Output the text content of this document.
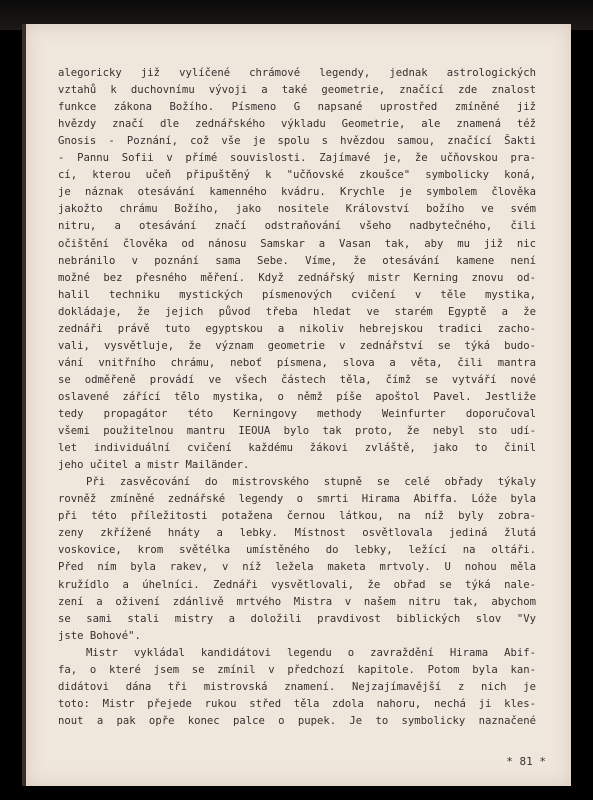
alegoricky již vylíčené chrámové legendy, jednak astrologických
vztahů k duchovnímu vývoji a také geometrie, značící zde znalost
funkce zákona Božího. Písmeno G napsané uprostřed zmíněné již
hvězdy značí dle zednářského výkladu Geometrie, ale znamená též
Gnosis - Poznání, což vše je spolu s hvězdou samou, značící Šakti
- Pannu Sofii v přímé souvislosti. Zajímavé je, že učňovskou pra-
cí, kterou učeň připuštěný k "učňovské zkoušce" symbolicky koná,
je náznak otesávání kamenného kvádru. Krychle je symbolem člověka
jakožto chrámu Božího, jako nositele Království božího ve svém
nitru, a otesávání značí odstraňování všeho nadbytečného, čili
očištění člověka od nánosu Samskar a Vasan tak, aby mu již nic
nebránilo v poznání sama Sebe. Víme, že otesávání kamene není
možné bez přesného měření. Když zednářský mistr Kerning znovu od-
halil techniku mystických písmenových cvičení v těle mystika,
dokládaje, že jejich původ třeba hledat ve starém Egyptě a že
zednáři právě tuto egyptskou a nikoliv hebrejskou tradici zacho-
vali, vysvětluje, že význam geometrie v zednářství se týká budo-
vání vnitřního chrámu, neboť písmena, slova a věta, čili mantra
se odměřeně provádí ve všech částech těla, čímž se vytváří nové
oslavené zářící tělo mystika, o němž píše apoštol Pavel. Jestliže
tedy propagátor této Kerningovy methody Weinfurter doporučoval
všemi použitelnou mantru IEOUA bylo tak proto, že nebyl sto udí-
let individuální cvičení každému žákovi zvláště, jako to činil
jeho učitel a mistr Mailänder.
Při zasvěcování do mistrovského stupně se celé obřady týkaly
rovněž zmíněné zednářské legendy o smrti Hirama Abiffa. Lóže byla
při této příležitosti potažena černou látkou, na níž byly zobra-
zeny zkřížené hnáty a lebky. Místnost osvětlovala jediná žlutá
voskovice, krom světélka umístěného do lebky, ležící na oltáři.
Před ním byla rakev, v níž ležela maketa mrtvoly. U nohou měla
kružídlo a úhelníci. Zednáři vysvětlovali, že obřad se týká nale-
zení a oživení zdánlivě mrtvého Mistra v našem nitru tak, abychom
se sami stali mistry a doložili pravdivost biblických slov "Vy
jste Bohové".
Mistr vykládal kandidátovi legendu o zavraždění Hirama Abif-
fa, o které jsem se zmínil v předchozí kapitole. Potom byla kan-
didátovi dána tři mistrovská znamení. Nejzajímavější z nich je
toto: Mistr přejede rukou střed těla zdola nahoru, nechá ji kles-
nout a pak opře konec palce o pupek. Je to symbolicky naznačené
* 81 *
